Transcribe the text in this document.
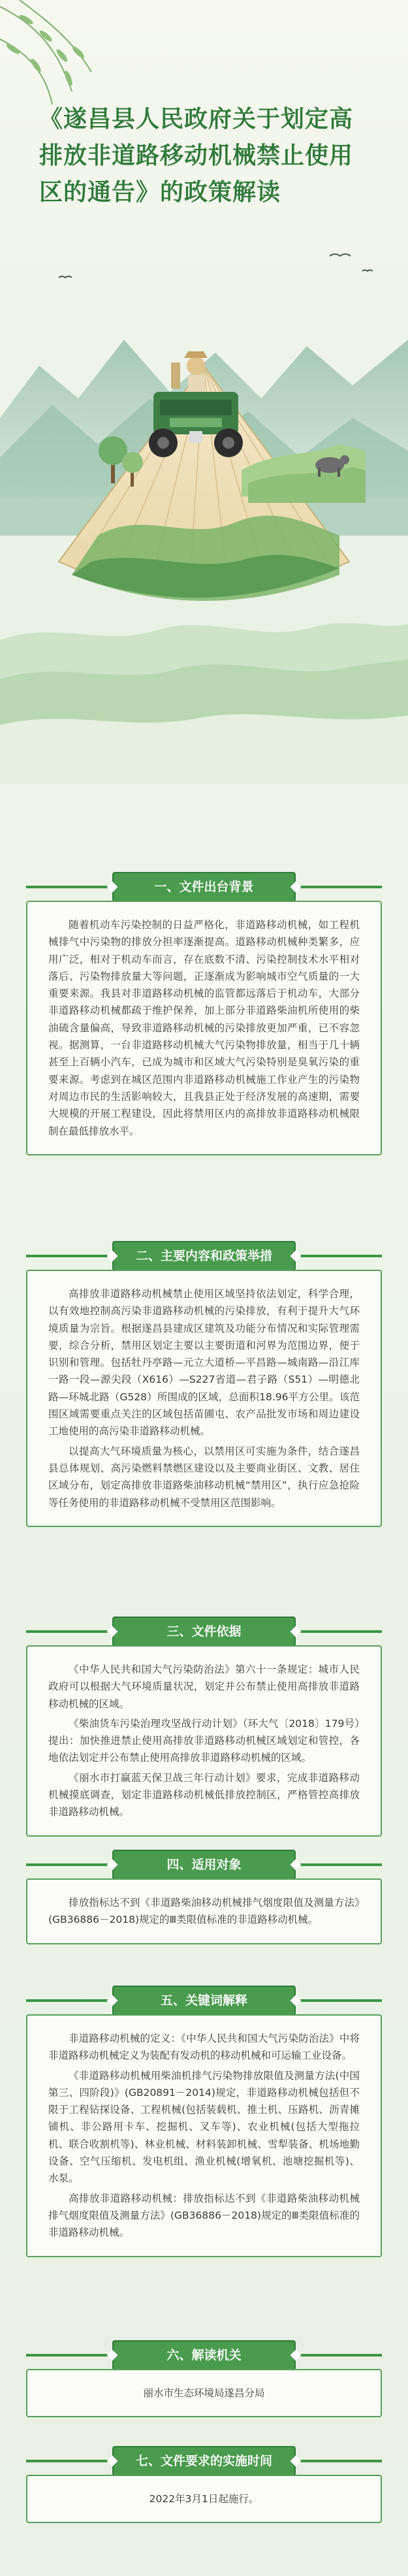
《遂昌县人民政府关于划定高
排放非道路移动机械禁止使用
区的通告》的政策解读
一、文件出台背景

随着机动车污染控制的日益严格化，非道路移动机械，如工程机械排气中污染物的排放分担率逐渐提高。道路移动机械种类繁多，应用广泛，相对于机动车而言，存在底数不清、污染控制技术水平相对落后、污染物排放量大等问题，正逐渐成为影响城市空气质量的一大重要来源。我县对非道路移动机械的监管都远落后于机动车，大部分非道路移动机械都疏于维护保养，加上部分非道路柴油机所使用的柴油硫含量偏高，导致非道路移动机械的污染排放更加严重，已不容忽视。据测算，一台非道路移动机械大气污染物排放量，相当于几十辆甚至上百辆小汽车，已成为城市和区域大气污染特别是臭氧污染的重要来源。考虑到在城区范围内非道路移动机械施工作业产生的污染物对周边市民的生活影响较大，且我县正处于经济发展的高速期，需要大规模的开展工程建设，因此将禁用区内的高排放非道路移动机械限制在最低排放水平。

二、主要内容和政策举措

高排放非道路移动机械禁止使用区域坚持依法划定，科学合理，以有效地控制高污染非道路移动机械的污染排放，有利于提升大气环境质量为宗旨。根据遂昌县建成区建筑及功能分布情况和实际管理需要，综合分析，禁用区划定主要以主要街道和河界为范围边界，便于识别和管理。包括牡丹亭路—元立大道桥—平昌路—城南路—沿江库一路一段—源尖段（X616）—S227省道—君子路（S51）—明德北路—环城北路（G528）所围成的区域，总面积18.96平方公里。该范围区域需要重点关注的区域包括苗圃屯、农产品批发市场和周边建设工地使用的高污染非道路移动机械。

以提高大气环境质量为核心，以禁用区可实施为条件，结合遂昌县总体规划、高污染燃料禁燃区建设以及主要商业街区、文教、居住区域分布，划定高排放非道路柴油移动机械“禁用区”，执行应急抢险等任务使用的非道路移动机械不受禁用区范围影响。

三、文件依据

《中华人民共和国大气污染防治法》第六十一条规定：城市人民政府可以根据大气环境质量状况，划定并公布禁止使用高排放非道路移动机械的区域。

《柴油货车污染治理攻坚战行动计划》（环大气〔2018〕179号）提出：加快推进禁止使用高排放非道路移动机械区域划定和管控，各地依法划定并公布禁止使用高排放非道路移动机械的区域。

《丽水市打赢蓝天保卫战三年行动计划》要求，完成非道路移动机械摸底调查，划定非道路移动机械低排放控制区，严格管控高排放非道路移动机械。

四、适用对象

排放指标达不到《非道路柴油移动机械排气烟度限值及测量方法》(GB36886－2018)规定的Ⅲ类限值标准的非道路移动机械。

五、关键词解释

非道路移动机械的定义：《中华人民共和国大气污染防治法》中将非道路移动机械定义为装配有发动机的移动机械和可运输工业设备。

《非道路移动机械用柴油机排气污染物排放限值及测量方法(中国第三、四阶段)》(GB20891－2014)规定，非道路移动机械包括但不限于工程钻探设备、工程机械(包括装载机、推土机、压路机、沥青摊铺机、非公路用卡车、挖掘机、叉车等)、农业机械(包括大型拖拉机、联合收割机等)、林业机械、材料装卸机械、雪犁装备、机场地勤设备、空气压缩机、发电机组、渔业机械(增氧机、池塘挖掘机等)、水泵。

高排放非道路移动机械：排放指标达不到《非道路柴油移动机械排气烟度限值及测量方法》(GB36886－2018)规定的Ⅲ类限值标准的非道路移动机械。

六、解读机关

丽水市生态环境局遂昌分局

七、文件要求的实施时间

2022年3月1日起施行。
